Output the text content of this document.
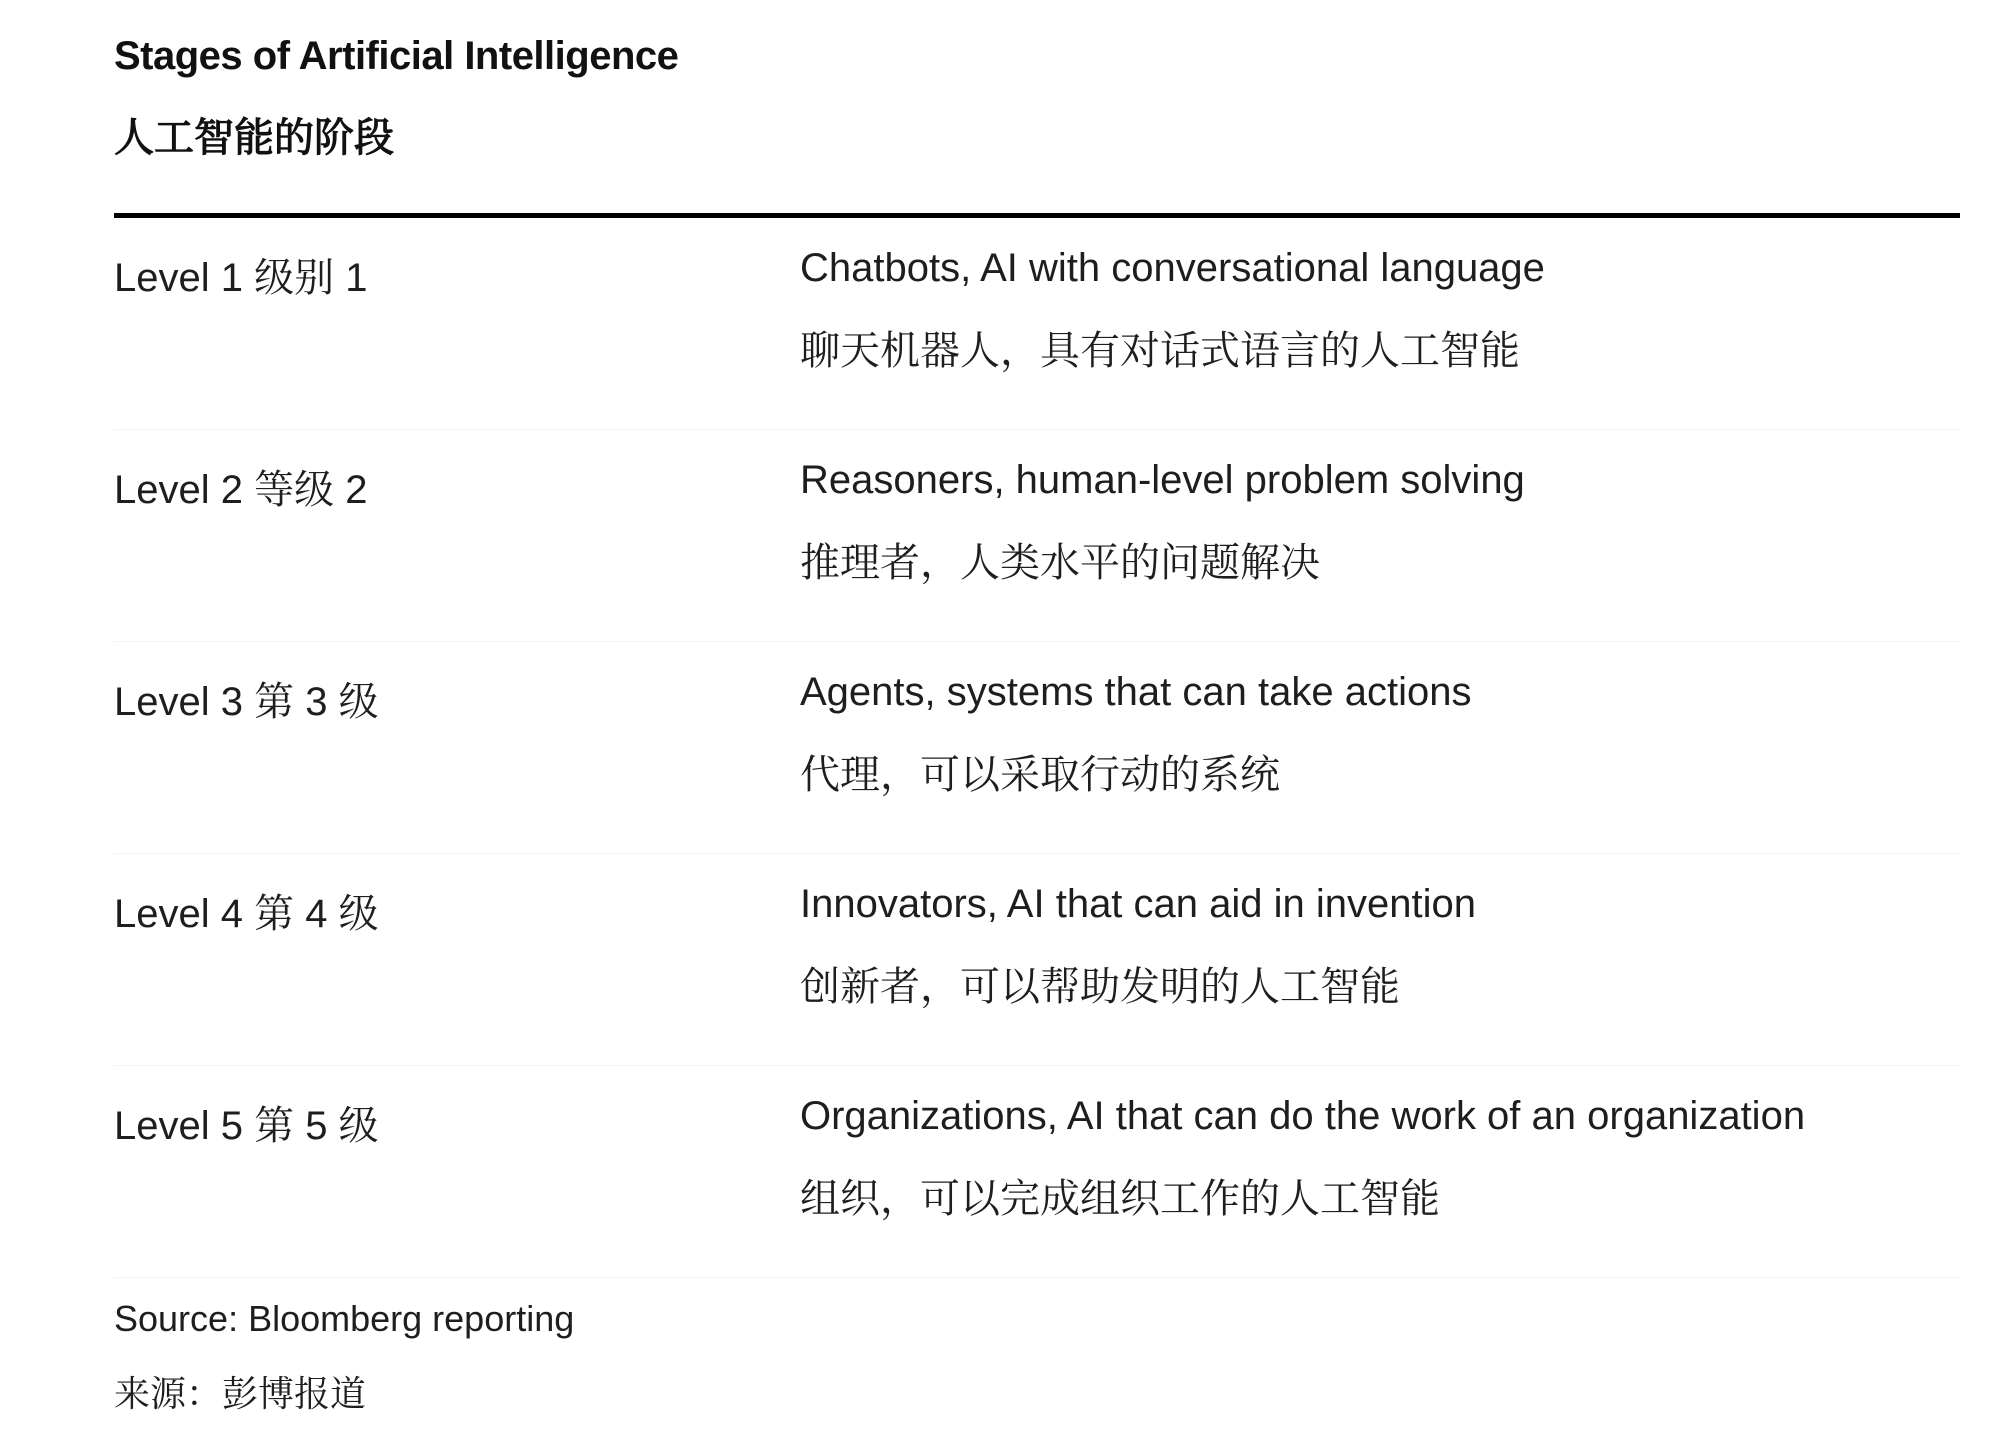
Stages of Artificial Intelligence
人工智能的阶段
Level 1 级别 1	Chatbots, AI with conversational language
聊天机器人，具有对话式语言的人工智能
Level 2 等级 2	Reasoners, human-level problem solving
推理者，人类水平的问题解决
Level 3 第 3 级	Agents, systems that can take actions
代理，可以采取行动的系统
Level 4 第 4 级	Innovators, AI that can aid in invention
创新者，可以帮助发明的人工智能
Level 5 第 5 级	Organizations, AI that can do the work of an organization
组织，可以完成组织工作的人工智能
Source: Bloomberg reporting
来源：彭博报道
